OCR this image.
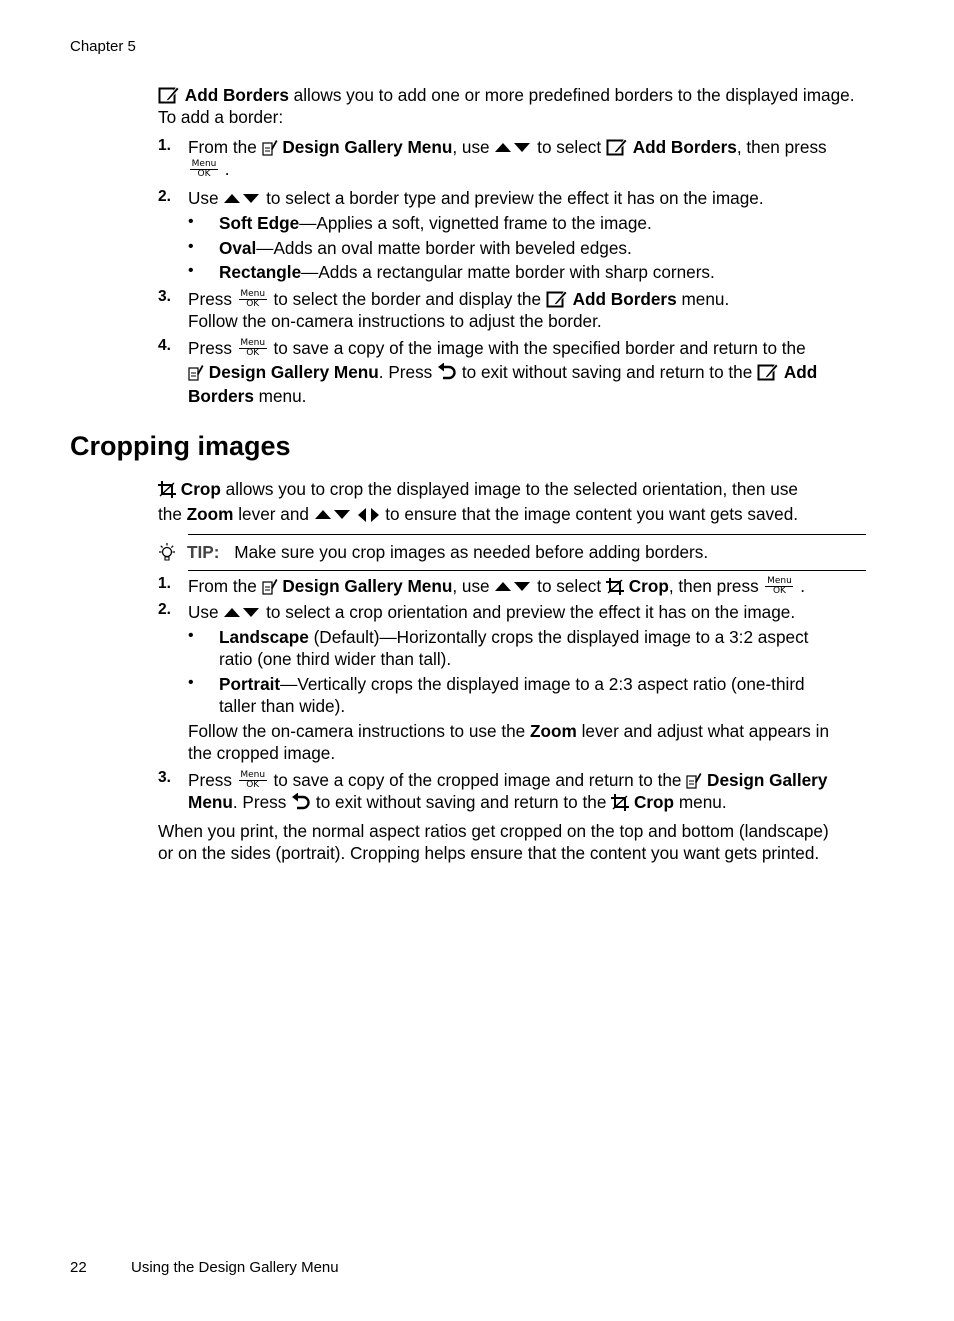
Chapter 5
Add Borders allows you to add one or more predefined borders to the displayed image. To add a border:
1. From the  Design Gallery Menu, use  to select  Add Borders, then press

Menu
OK .
2. Use  to select a border type and preview the effect it has on the image.
• Soft Edge—Applies a soft, vignetted frame to the image.
• Oval—Adds an oval matte border with beveled edges.
• Rectangle—Adds a rectangular matte border with sharp corners.
3. Press Menu
OK to select the border and display the  Add Borders menu.
Follow the on-camera instructions to adjust the border.
4. Press Menu
OK to save a copy of the image with the specified border and return to the
Design Gallery Menu. Press  to exit without saving and return to the  Add
Borders menu.
Cropping images
Crop allows you to crop the displayed image to the selected orientation, then use
the Zoom lever and	to ensure that the image content you want gets saved.
TIP: Make sure you crop images as needed before adding borders.
1. From the  Design Gallery Menu, use  to select  Crop, then press Menu
OK .
2. Use  to select a crop orientation and preview the effect it has on the image.
• Landscape (Default)—Horizontally crops the displayed image to a 3:2 aspect
ratio (one third wider than tall).
• Portrait—Vertically crops the displayed image to a 2:3 aspect ratio (one-third
taller than wide).
Follow the on-camera instructions to use the Zoom lever and adjust what appears in
the cropped image.
3. Press Menu
OK to save a copy of the cropped image and return to the  Design Gallery
Menu. Press  to exit without saving and return to the  Crop menu.
When you print, the normal aspect ratios get cropped on the top and bottom (landscape)
or on the sides (portrait). Cropping helps ensure that the content you want gets printed.
22	Using the Design Gallery Menu
